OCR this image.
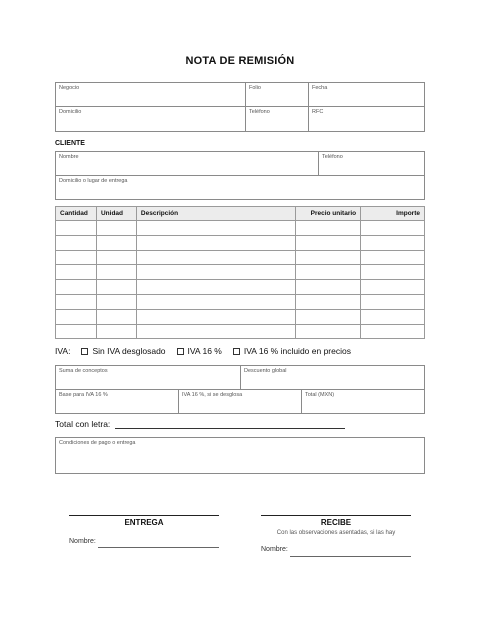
NOTA DE REMISIÓN
Negocio	Folio	Fecha
Domicilio	Teléfono	RFC
CLIENTE
Nombre	Teléfono
Domicilio o lugar de entrega
Cantidad	Unidad	Descripción	Precio unitario	Importe

IVA:	Sin IVA desglosado	IVA 16 %	IVA 16 % incluido en precios
Suma de conceptos	Descuento global
Base para IVA 16 %	IVA 16 %, si se desglosa	Total (MXN)
Total con letra:
Condiciones de pago o entrega
ENTREGA
Nombre:
RECIBE
Con las observaciones asentadas, si las hay
Nombre:
